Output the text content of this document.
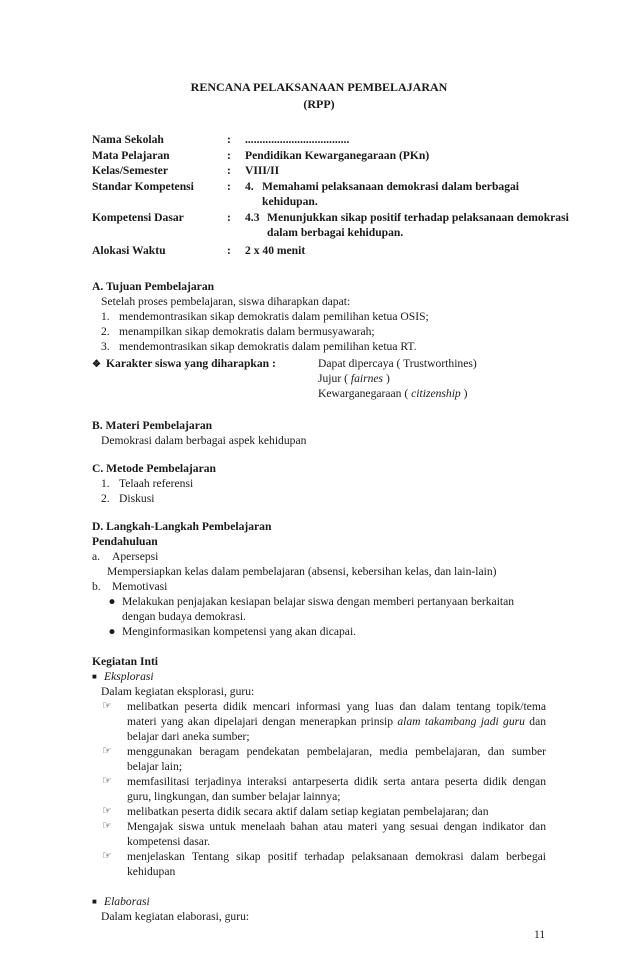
RENCANA PELAKSANAAN PEMBELAJARAN
(RPP)
Nama Sekolah	:	....................................
Mata Pelajaran	:	Pendidikan Kewarganegaraan (PKn)
Kelas/Semester	:	VIII/II
Standar Kompetensi	:	4. Memahami pelaksanaan demokrasi dalam berbagai kehidupan.
Kompetensi Dasar	:	4.3 Menunjukkan sikap positif terhadap pelaksanaan demokrasi dalam berbagai kehidupan.
Alokasi Waktu	:	2 x 40 menit
A. Tujuan Pembelajaran
Setelah proses pembelajaran, siswa diharapkan dapat:
1. mendemontrasikan sikap demokratis dalam pemilihan ketua OSIS;
2. menampilkan sikap demokratis dalam bermusyawarah;
3. mendemontrasikan sikap demokratis dalam pemilihan ketua RT.
❖ Karakter siswa yang diharapkan :	Dapat dipercaya ( Trustworthines)
Jujur ( fairnes )
Kewarganegaraan ( citizenship )
B. Materi Pembelajaran
Demokrasi dalam berbagai aspek kehidupan
C. Metode Pembelajaran
1. Telaah referensi
2. Diskusi
D. Langkah-Langkah Pembelajaran
Pendahuluan
a.	Apersepsi
Mempersiapkan kelas dalam pembelajaran (absensi, kebersihan kelas, dan lain-lain)
b. Memotivasi
● Melakukan penjajakan kesiapan belajar siswa dengan memberi pertanyaan berkaitan dengan budaya demokrasi.
● Menginformasikan kompetensi yang akan dicapai.
Kegiatan Inti
■ Eksplorasi
Dalam kegiatan eksplorasi, guru:
☞	melibatkan peserta didik mencari informasi yang luas dan dalam tentang topik/tema materi yang akan dipelajari dengan menerapkan prinsip alam takambang jadi guru dan belajar dari aneka sumber;
☞	menggunakan beragam pendekatan pembelajaran, media pembelajaran, dan sumber belajar lain;
☞	memfasilitasi terjadinya interaksi antarpeserta didik serta antara peserta didik dengan guru, lingkungan, dan sumber belajar lainnya;
☞	melibatkan peserta didik secara aktif dalam setiap kegiatan pembelajaran; dan
☞	Mengajak siswa untuk menelaah bahan atau materi yang sesuai dengan indikator dan kompetensi dasar.
☞	menjelaskan Tentang sikap positif terhadap pelaksanaan demokrasi dalam berbegai kehidupan
■ Elaborasi
Dalam kegiatan elaborasi, guru:
11
